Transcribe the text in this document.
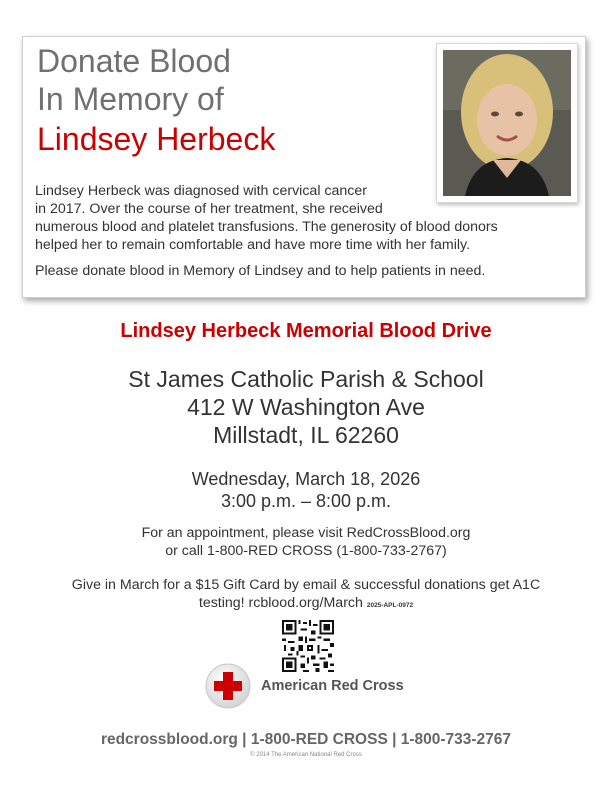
Donate Blood
In Memory of
Lindsey Herbeck
Lindsey Herbeck was diagnosed with cervical cancer
in 2017. Over the course of her treatment, she received
numerous blood and platelet transfusions. The generosity of blood donors
helped her to remain comfortable and have more time with her family.
Please donate blood in Memory of Lindsey and to help patients in need.
Lindsey Herbeck Memorial Blood Drive
St James Catholic Parish & School
412 W Washington Ave
Millstadt, IL 62260
Wednesday, March 18, 2026
3:00 p.m. – 8:00 p.m.
For an appointment, please visit RedCrossBlood.org
or call 1-800-RED CROSS (1-800-733-2767)
Give in March for a $15 Gift Card by email & successful donations get A1C
testing! rcblood.org/March 2025-APL-0972
American Red Cross
redcrossblood.org | 1-800-RED CROSS | 1-800-733-2767
© 2014 The American National Red Cross
